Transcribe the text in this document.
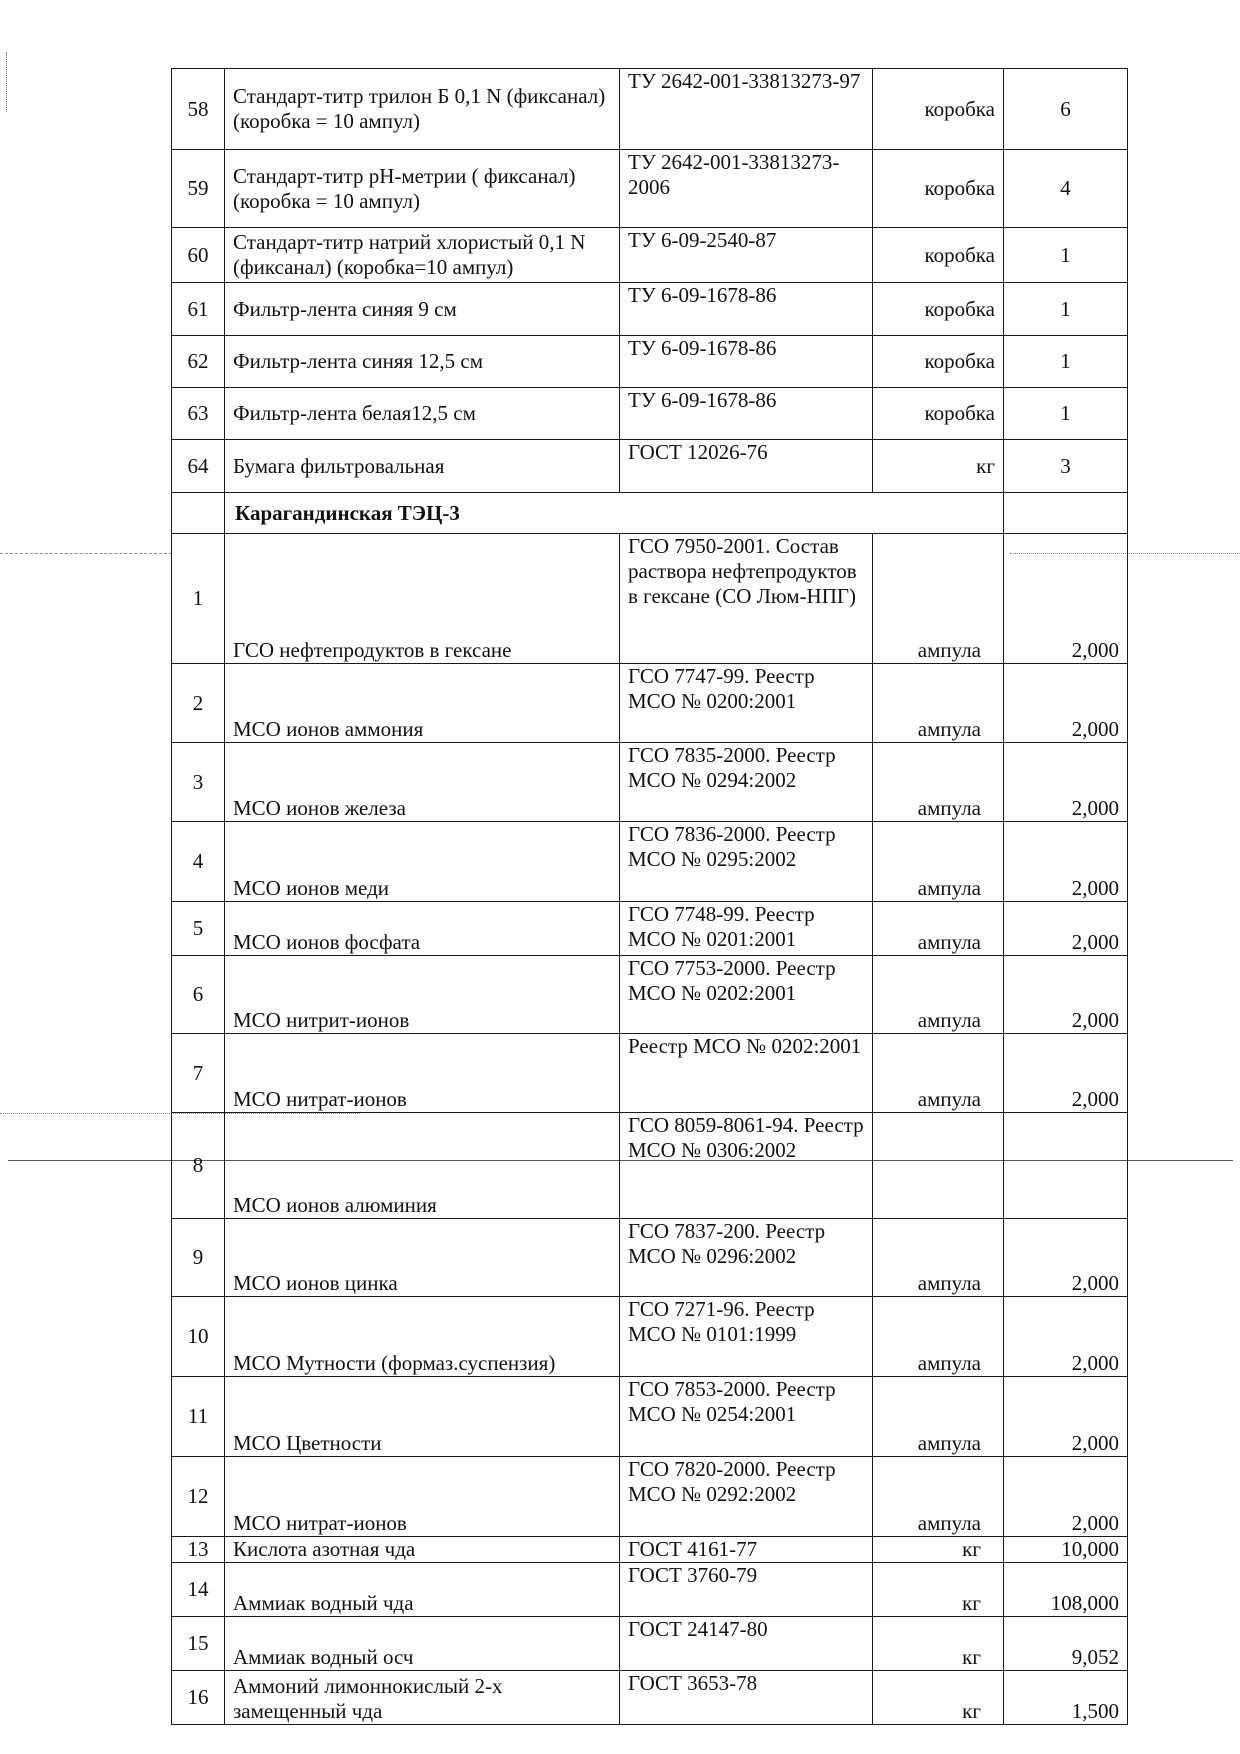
58	Стандарт-титр трилон Б 0,1 N (фиксанал) (коробка = 10 ампул)	ТУ 2642-001-33813273-97	коробка	6
59	Стандарт-титр рН-метрии ( фиксанал) (коробка = 10 ампул)	ТУ 2642-001-33813273-2006	коробка	4
60	Стандарт-титр натрий хлористый 0,1 N (фиксанал) (коробка=10 ампул)	ТУ 6-09-2540-87	коробка	1
61	Фильтр-лента синяя 9 см	ТУ 6-09-1678-86	коробка	1
62	Фильтр-лента синяя 12,5 см	ТУ 6-09-1678-86	коробка	1
63	Фильтр-лента белая12,5 см	ТУ 6-09-1678-86	коробка	1
64	Бумага фильтровальная	ГОСТ 12026-76	кг	3
	Карагандинская ТЭЦ-3			
1	ГСО нефтепродуктов в гексане	ГСО 7950-2001. Состав раствора нефтепродуктов в гексане (СО Люм-НПГ)	ампула	2,000
2	МСО ионов аммония	ГСО 7747-99. Реестр МСО № 0200:2001	ампула	2,000
3	МСО ионов железа	ГСО 7835-2000. Реестр МСО № 0294:2002	ампула	2,000
4	МСО ионов меди	ГСО 7836-2000. Реестр МСО № 0295:2002	ампула	2,000
5	МСО ионов фосфата	ГСО 7748-99. Реестр МСО № 0201:2001	ампула	2,000
6	МСО нитрит-ионов	ГСО 7753-2000. Реестр МСО № 0202:2001	ампула	2,000
7	МСО нитрат-ионов	Реестр МСО № 0202:2001	ампула	2,000
8	МСО ионов алюминия	ГСО 8059-8061-94. Реестр МСО № 0306:2002		
9	МСО ионов цинка	ГСО 7837-200. Реестр МСО № 0296:2002	ампула	2,000
10	МСО Мутности (формаз.суспензия)	ГСО 7271-96. Реестр МСО № 0101:1999	ампула	2,000
11	МСО Цветности	ГСО 7853-2000. Реестр МСО № 0254:2001	ампула	2,000
12	МСО нитрат-ионов	ГСО 7820-2000. Реестр МСО № 0292:2002	ампула	2,000
13	Кислота азотная чда	ГОСТ 4161-77	кг	10,000
14	Аммиак водный чда	ГОСТ 3760-79	кг	108,000
15	Аммиак водный осч	ГОСТ 24147-80	кг	9,052
16	Аммоний лимоннокислый 2-х замещенный чда	ГОСТ 3653-78	кг	1,500
